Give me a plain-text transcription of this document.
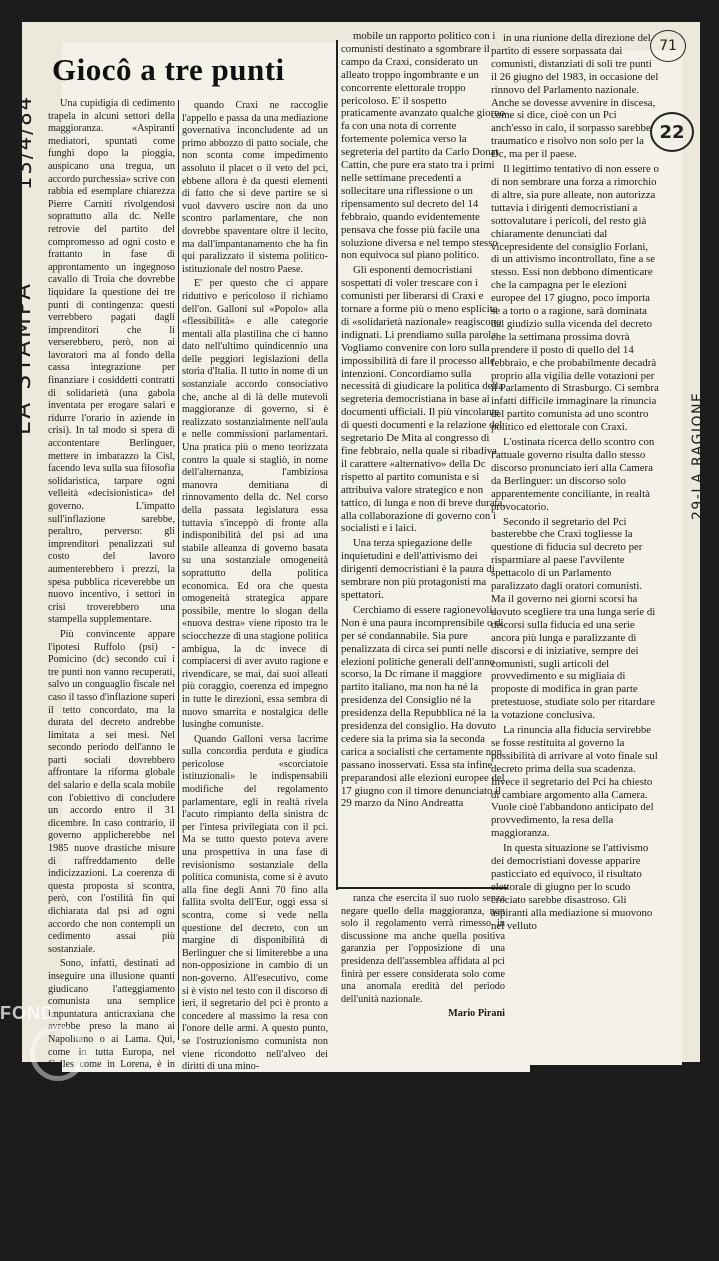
Giocô a tre punti

Una cupidigia di cedimento trapela in alcuni settori della maggioranza. «Aspiranti mediatori, spuntati come funghi dopo la pioggia, auspicano una tregua, un accordo purchessia» scrive con rabbia ed esemplare chiarezza Pierre Carniti rivolgendosi soprattutto alla dc. Nelle retrovie del partito del compromesso ad ogni costo e frattanto in fase di approntamento un ingegnoso cavallo di Troia che dovrebbe liquidare la questione dei tre punti di contingenza: questi verrebbero pagati dagli imprenditori che li verserebbero, però, non ai lavoratori ma al fondo della cassa integrazione per finanziare i cosiddetti contratti di solidarietà (una gabola inventata per erogare salari e ridurre l'orario in aziende in crisi). In tal modo si spera di accontentare Berlinguer, mettere in imbarazzo la Cisl, facendo leva sulla sua filosofia solidaristica, tarpare ogni velleità «decisionistica» del governo. L'impatto sull'inflazione sarebbe, peraltro, perverso: gli imprenditori penalizzati sul costo del lavoro aumenterebbero i prezzi, la spesa pubblica riceverebbe un nuovo incentivo, i settori in crisi troverebbero una stampella supplementare.

Più convincente appare l'ipotesi Ruffolo (psi) - Pomicino (dc) secondo cui i tre punti non vanno recuperati, salvo un conguaglio fiscale nel caso il tasso d'inflazione superi il tetto concordato, ma la durata del decreto andrebbe limitata a sei mesi. Nel secondo periodo dell'anno le parti sociali dovrebbero affrontare la riforma globale del salario e della scala mobile con l'obiettivo di concludere un accordo entro il 31 dicembre. In caso contrario, il governo applicherebbe nel 1985 nuove drastiche misure di raffreddamento delle indicizzazioni. La coerenza di questa proposta si scontra, però, con l'ostilità fin qui dichiarata dal psi ad ogni accordo che non contempli un cedimento assai più sostanziale.

Sono, infatti, destinati ad inseguire una illusione quanti giudicano l'atteggiamento comunista una semplice impuntatura anticraxiana che avrebbe preso la mano ai Napolitano o ai Lama. Qui, come in tutta Europa, nel Galles come in Lorena, è in gioco una scelta assai più drammatica che investe l'identità e la natura della tradizionale rappresentanza politico-sindacale della sinistra storica, minacciata ad un tempo dalla crisi e dalla rivoluzione tecnologica. Quando la Cisl e la Uil cercano d'inventare gli strumenti di un nuovo scambio politico e di una diversa rappresentanza non più basata sull'assenza di regole dei consi-

quando Craxi ne raccoglie l'appello e passa da una mediazione governativa inconcludente ad un primo abbozzo di patto sociale, che non sconta come impedimento assoluto il placet o il veto del pci, ebbene allora è da questi elementi di fatto che si deve partire se si vuol davvero uscire non da uno scontro parlamentare, che non dovrebbe spaventare oltre il lecito, ma dall'impantanamento che ha fin qui paralizzato il sistema politico-istituzionale del nostro Paese.

E' per questo che ci appare riduttivo e pericoloso il richiamo dell'on. Galloni sul «Popolo» alla «flessibilità» e alle categorie mentali alla plastilina che ci hanno dato nell'ultimo quindicennio una delle peggiori legislazioni della storia d'Italia. Il tutto in nome di un sostanziale accordo consociativo che, anche al di là delle mutevoli maggioranze di governo, si è realizzato sostanzialmente nell'aula e nelle commissioni parlamentari. Una pratica più o meno teorizzata contro la quale si stagliò, in nome dell'alternanza, l'ambiziosa manovra demitiana di rinnovamento della dc. Nel corso della passata legislatura essa tuttavia s'inceppò di fronte alla indisponibilità del psi ad una stabile alleanza di governo basata su una sostanziale omogeneità soprattutto della politica economica. Ed ora che questa omogeneità strategica appare possibile, mentre lo slogan della «nuova destra» viene riposto tra le sciocchezze di una stagione politica ambigua, la dc invece di compiacersi di aver avuto ragione e rivendicare, se mai, dai suoi alleati più coraggio, coerenza ed impegno in tutte le direzioni, essa sembra di nuovo smarrita e nostalgica delle lusinghe comuniste.

Quando Galloni versa lacrime sulla concordia perduta e giudica pericolose «scorciatoie istituzionali» le indispensabili modifiche del regolamento parlamentare, egli in realtà rivela l'acuto rimpianto della sinistra dc per l'intesa privilegiata con il pci. Ma se tutto questo poteva avere una prospettiva in una fase di revisionismo sostanziale della politica comunista, come si è avuto alla fine degli Anni 70 fino alla fallita svolta dell'Eur, oggi essa si scontra, come si vede nella questione del decreto, con un margine di disponibilità di Berlinguer che si limiterebbe a una non-opposizione in cambio di un non-governo. All'esecutivo, come si è visto nel testo con il discorso di ieri, il segretario del pci è pronto a concedere al massimo la resa con l'onore delle armi. A questo punto, se l'ostruzionismo comunista non viene ricondotto nell'alveo dei diritti di una mino-

mobile un rapporto politico con i comunisti destinato a sgombrare il campo da Craxi, considerato un alleato troppo ingombrante e un concorrente elettorale troppo pericoloso. E' il sospetto praticamente avanzato qualche giorno fa con una nota di corrente fortemente polemica verso la segreteria del partito da Carlo Donat Cattin, che pure era stato tra i primi nelle settimane precedenti a sollecitare una riflessione o un ripensamento sul decreto del 14 febbraio, quando evidentemente pensava che fosse più facile una soluzione diversa e nel tempo stesso non equivoca sul piano politico.

Gli esponenti democristiani sospettati di voler trescare con i comunisti per liberarsi di Craxi e tornare a forme più o meno esplicite di «solidarietà nazionale» reagiscono indignati. Li prendiamo sulla parola. Vogliamo convenire con loro sulla impossibilità di fare il processo alle intenzioni. Concordiamo sulla necessità di giudicare la politica della segreteria democristiana in base ai documenti ufficiali. Il più vincolante di questi documenti e la relazione del segretario De Mita al congresso di fine febbraio, nella quale si ribadiva il carattere «alternativo» della Dc rispetto al partito comunista e si attribuiva valore strategico e non tattico, di lunga e non di breve durata, alla collaborazione di governo con i socialisti e i laici.

Una terza spiegazione delle inquietudini e dell'attivismo dei dirigenti democristiani è la paura di sembrare non più protagonisti ma spettatori.

Cerchiamo di essere ragionevoli. Non è una paura incomprensibile o di per sé condannabile. Sia pure penalizzata di circa sei punti nelle elezioni politiche generali dell'anno scorso, la Dc rimane il maggiore partito italiano, ma non ha né la presidenza del Consiglio né la presidenza della Repubblica né la presidenza del consiglio. Ha dovuto cedere sia la prima sia la seconda carica a socialisti che certamente non passano inosservati. Essa sta infine preparandosi alle elezioni europee del 17 giugno con il timore denunciato il 29 marzo da Nino Andreatta

ranza che esercita il suo ruolo senza negare quello della maggioranza, non solo il regolamento verrà rimesso in discussione ma anche quella positiva garanzia per l'opposizione di una presidenza dell'assemblea affidata al pci finirà per essere considerata solo come una anomala eredità del periodo dell'unità nazionale.

Mario Pirani

in una riunione della direzione del partito di essere sorpassata dai comunisti, distanziati di soli tre punti il 26 giugno del 1983, in occasione del rinnovo del Parlamento nazionale. Anche se dovesse avvenire in discesa, come si dice, cioè con un Pci anch'esso in calo, il sorpasso sarebbe traumatico e risolvo non solo per la Dc, ma per il paese.

Il legittimo tentativo di non essere o di non sembrare una forza a rimorchio di altre, sia pure alleate, non autorizza tuttavia i dirigenti democristiani a sottovalutare i pericoli, del resto già chiaramente denunciati dal vicepresidente del consiglio Forlani, di un attivismo incontrollato, fine a se stesso. Essi non debbono dimenticare che la campagna per le elezioni europee del 17 giugno, poco importa se a torto o a ragione, sarà dominata dal giudizio sulla vicenda del decreto che la settimana prossima dovrà prendere il posto di quello del 14 febbraio, e che probabilmente decadrà proprio alla vigilia delle votazioni per il Parlamento di Strasburgo. Ci sembra infatti difficile immaginare la rinuncia del partito comunista ad uno scontro politico ed elettorale con Craxi.

L'ostinata ricerca dello scontro con l'attuale governo risulta dallo stesso discorso pronunciato ieri alla Camera da Berlinguer: un discorso solo apparentemente conciliante, in realtà provocatorio.

Secondo il segretario del Pci basterebbe che Craxi togliesse la questione di fiducia sul decreto per risparmiare al paese l'avvilente spettacolo di un Parlamento paralizzato dagli oratori comunisti. Ma il governo nei giorni scorsi ha dovuto scegliere tra una lunga serie di discorsi sulla fiducia ed una serie ancora più lunga e paralizzante di discorsi e di iniziative, sempre dei comunisti, sugli articoli del provvedimento e su migliaia di proposte di modifica in gran parte pretestuose, studiate solo per ritardare la votazione conclusiva.

La rinuncia alla fiducia servirebbe se fosse restituita al governo la possibilità di arrivare al voto finale sul decreto prima della sua scadenza. Invece il segretario del Pci ha chiesto di cambiare argomento alla Camera. Vuole cioè l'abbandono anticipato del provvedimento, la resa della maggioranza.

In questa situazione se l'attivismo dei democristiani dovesse apparire pasticciato ed equivoco, il risultato elettorale di giugno per lo scudo crociato sarebbe disastroso. Gli aspiranti alla mediazione si muovono nel velluto

LA STAMPA
13/4/84
29-LA RAGIONE
71
22
FOND
